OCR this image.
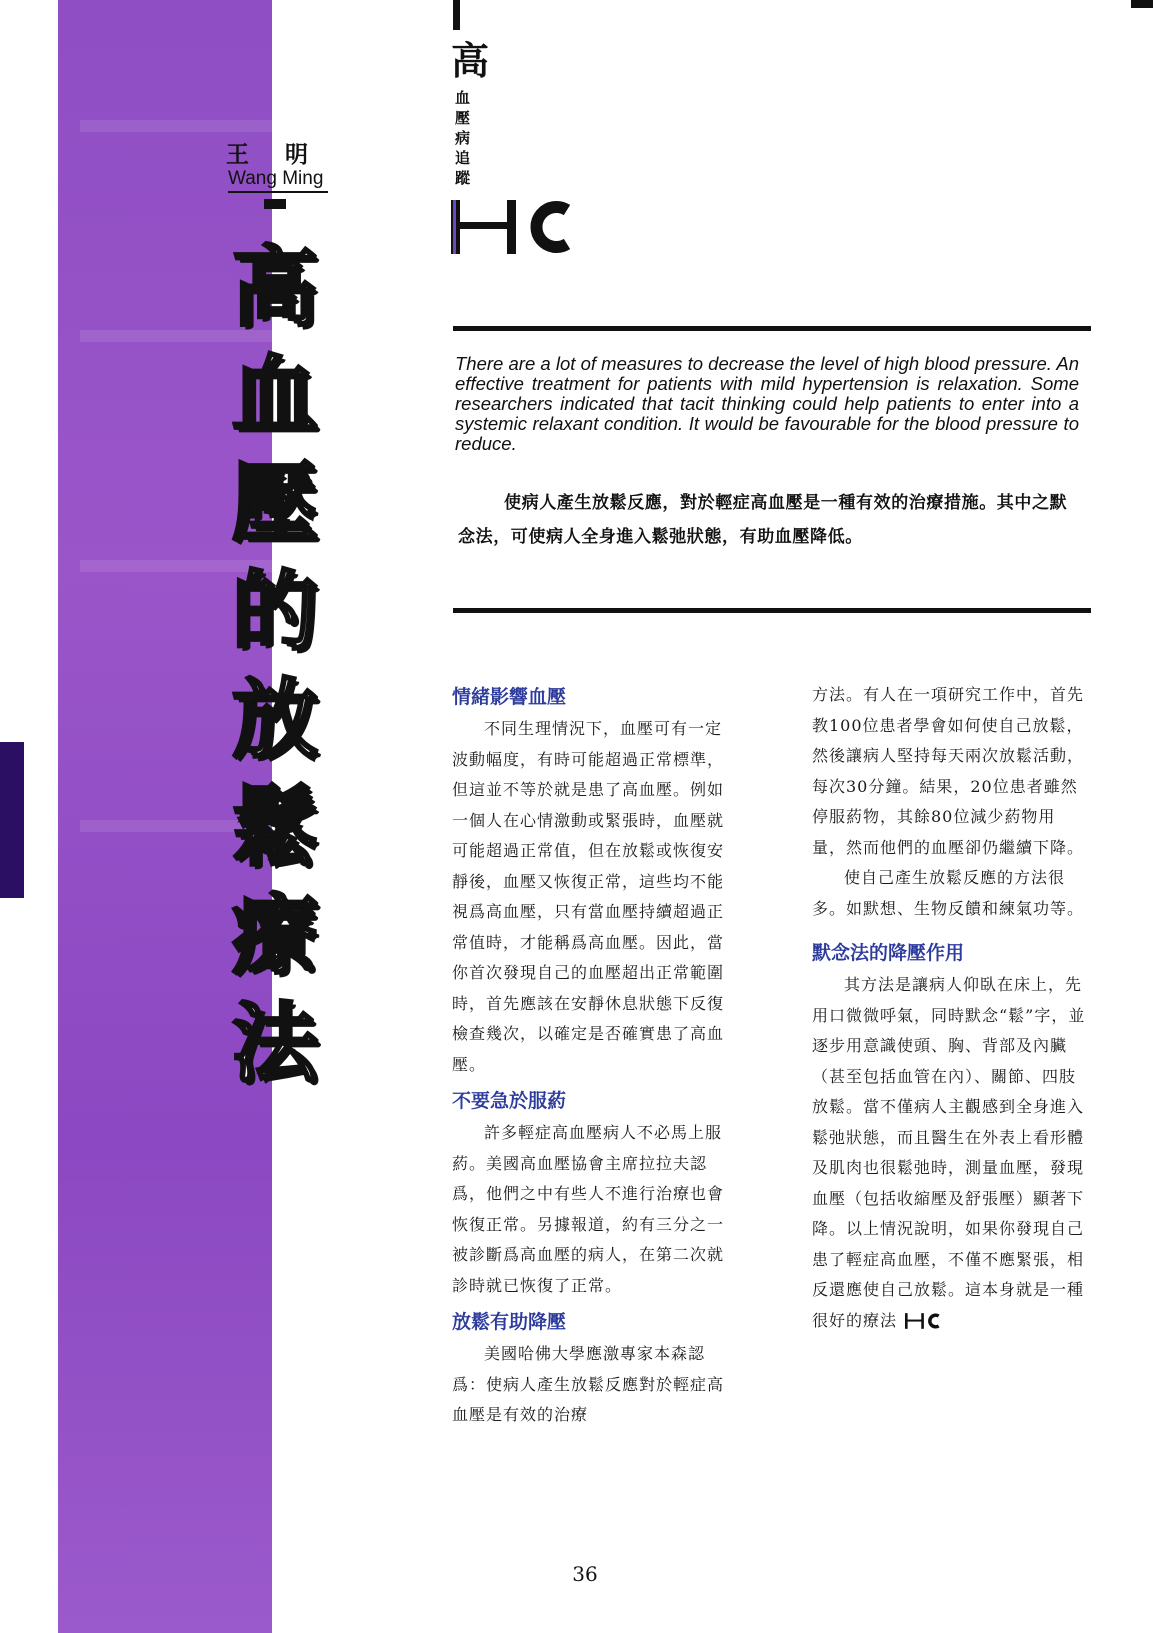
王 明
Wang Ming
高
血
壓
的
放
鬆
療
法
高
血
壓
病
追
蹤
There are a lot of measures to decrease the level of high blood pressure. An effective treatment for patients with mild hypertension is relaxation. Some researchers indicated that tacit thinking could help patients to enter into a systemic relaxant condition. It would be favourable for the blood pressure to reduce.
使病人產生放鬆反應，對於輕症高血壓是一種有效的治療措施。其中之默念法，可使病人全身進入鬆弛狀態，有助血壓降低。
情緒影響血壓

不同生理情況下，血壓可有一定波動幅度，有時可能超過正常標準，但這並不等於就是患了高血壓。例如一個人在心情激動或緊張時，血壓就可能超過正常值，但在放鬆或恢復安靜後，血壓又恢復正常，這些均不能視爲高血壓，只有當血壓持續超過正常值時，才能稱爲高血壓。因此，當你首次發現自己的血壓超出正常範圍時，首先應該在安靜休息狀態下反復檢查幾次，以確定是否確實患了高血壓。

不要急於服葯

許多輕症高血壓病人不必馬上服葯。美國高血壓協會主席拉拉夫認爲，他們之中有些人不進行治療也會恢復正常。另據報道，約有三分之一被診斷爲高血壓的病人，在第二次就診時就已恢復了正常。

放鬆有助降壓

美國哈佛大學應激專家本森認爲：使病人產生放鬆反應對於輕症高血壓是有效的治療

方法。有人在一項研究工作中，首先教100位患者學會如何使自己放鬆，然後讓病人堅持每天兩次放鬆活動，每次30分鐘。結果，20位患者雖然停服葯物，其餘80位減少葯物用量，然而他們的血壓卻仍繼續下降。

使自己產生放鬆反應的方法很多。如默想、生物反饋和練氣功等。

默念法的降壓作用

其方法是讓病人仰臥在床上，先用口微微呼氣，同時默念“鬆”字，並逐步用意識使頭、胸、背部及內臟（甚至包括血管在內）、關節、四肢放鬆。當不僅病人主觀感到全身進入鬆弛狀態，而且醫生在外表上看形體及肌肉也很鬆弛時，測量血壓，發現血壓（包括收縮壓及舒張壓）顯著下降。以上情況說明，如果你發現自己患了輕症高血壓，不僅不應緊張，相反還應使自己放鬆。這本身就是一種很好的療法

36
